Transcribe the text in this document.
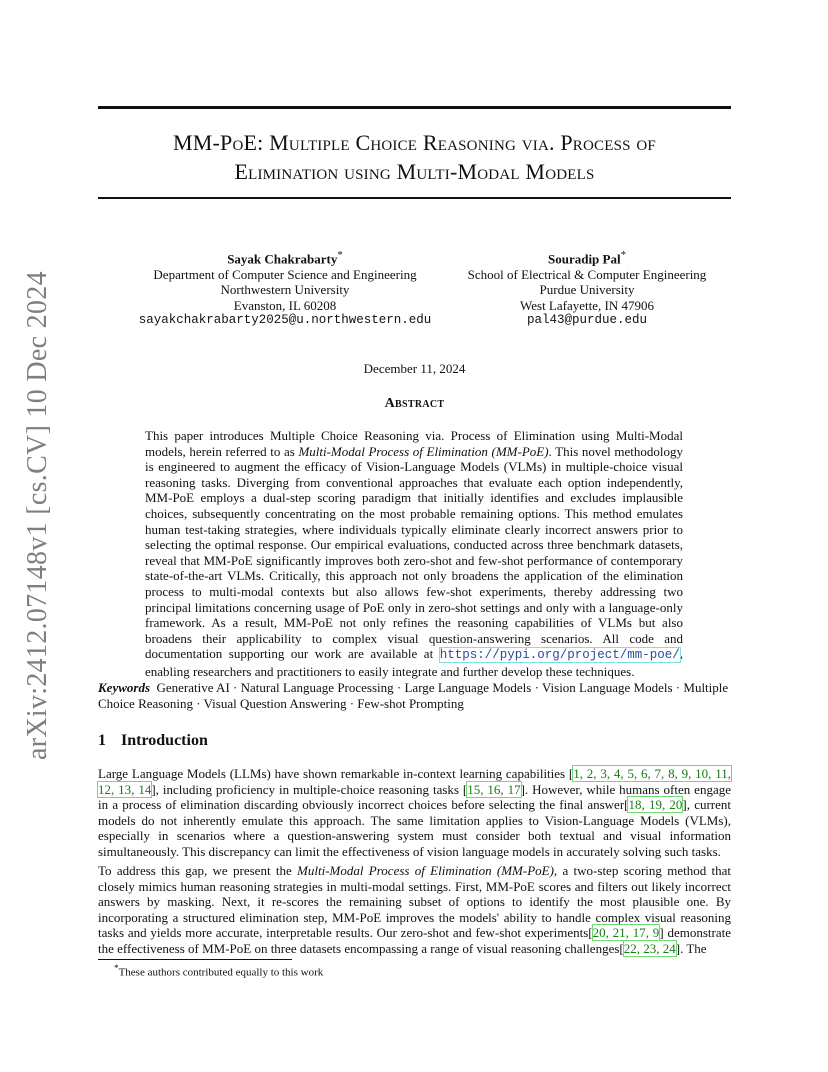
arXiv:2412.07148v1 [cs.CV] 10 Dec 2024
MM-PoE: Multiple Choice Reasoning via. Process of
Elimination using Multi-Modal Models
Sayak Chakrabarty*
Department of Computer Science and Engineering
Northwestern University
Evanston, IL 60208
sayakchakrabarty2025@u.northwestern.edu
Souradip Pal*
School of Electrical & Computer Engineering
Purdue University
West Lafayette, IN 47906
pal43@purdue.edu
December 11, 2024
Abstract
This paper introduces Multiple Choice Reasoning via. Process of Elimination using Multi-Modal models, herein referred to as Multi-Modal Process of Elimination (MM-PoE). This novel methodology is engineered to augment the efficacy of Vision-Language Models (VLMs) in multiple-choice visual reasoning tasks. Diverging from conventional approaches that evaluate each option independently, MM-PoE employs a dual-step scoring paradigm that initially identifies and excludes implausible choices, subsequently concentrating on the most probable remaining options. This method emulates human test-taking strategies, where individuals typically eliminate clearly incorrect answers prior to selecting the optimal response. Our empirical evaluations, conducted across three benchmark datasets, reveal that MM-PoE significantly improves both zero-shot and few-shot performance of contemporary state-of-the-art VLMs. Critically, this approach not only broadens the application of the elimination process to multi-modal contexts but also allows few-shot experiments, thereby addressing two principal limitations concerning usage of PoE only in zero-shot settings and only with a language-only framework. As a result, MM-PoE not only refines the reasoning capabilities of VLMs but also broadens their applicability to complex visual question-answering scenarios. All code and documentation supporting our work are available at https://pypi.org/project/mm-poe/, enabling researchers and practitioners to easily integrate and further develop these techniques.
Keywords Generative AI · Natural Language Processing · Large Language Models · Vision Language Models · Multiple Choice Reasoning · Visual Question Answering · Few-shot Prompting
1 Introduction
Large Language Models (LLMs) have shown remarkable in-context learning capabilities [1, 2, 3, 4, 5, 6, 7, 8, 9, 10, 11, 12, 13, 14], including proficiency in multiple-choice reasoning tasks [15, 16, 17]. However, while humans often engage in a process of elimination discarding obviously incorrect choices before selecting the final answer[18, 19, 20], current models do not inherently emulate this approach. The same limitation applies to Vision-Language Models (VLMs), especially in scenarios where a question-answering system must consider both textual and visual information simultaneously. This discrepancy can limit the effectiveness of vision language models in accurately solving such tasks.
To address this gap, we present the Multi-Modal Process of Elimination (MM-PoE), a two-step scoring method that closely mimics human reasoning strategies in multi-modal settings. First, MM-PoE scores and filters out likely incorrect answers by masking. Next, it re-scores the remaining subset of options to identify the most plausible one. By incorporating a structured elimination step, MM-PoE improves the models' ability to handle complex visual reasoning tasks and yields more accurate, interpretable results. Our zero-shot and few-shot experiments[20, 21, 17, 9] demonstrate the effectiveness of MM-PoE on three datasets encompassing a range of visual reasoning challenges[22, 23, 24]. The
*These authors contributed equally to this work
